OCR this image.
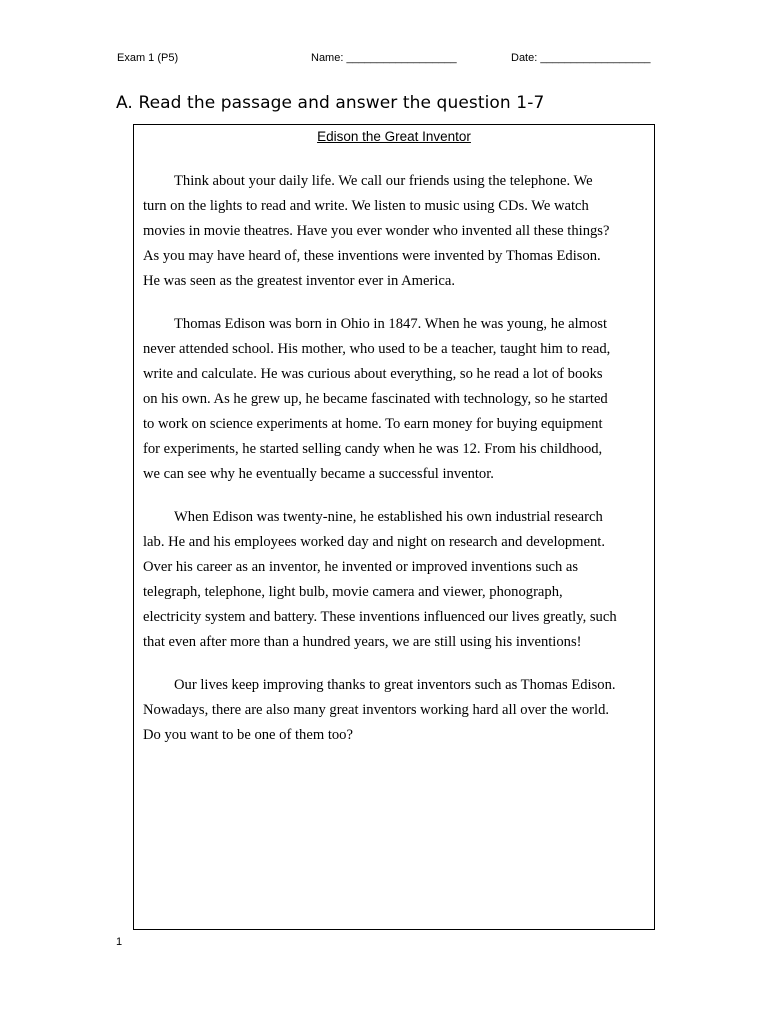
Exam 1 (P5)	Name: __________________	Date: __________________
A. Read the passage and answer the question 1-7
Edison the Great Inventor
Think about your daily life. We call our friends using the telephone. We
turn on the lights to read and write. We listen to music using CDs. We watch
movies in movie theatres. Have you ever wonder who invented all these things?
As you may have heard of, these inventions were invented by Thomas Edison.
He was seen as the greatest inventor ever in America.
Thomas Edison was born in Ohio in 1847. When he was young, he almost
never attended school. His mother, who used to be a teacher, taught him to read,
write and calculate. He was curious about everything, so he read a lot of books
on his own. As he grew up, he became fascinated with technology, so he started
to work on science experiments at home. To earn money for buying equipment
for experiments, he started selling candy when he was 12. From his childhood,
we can see why he eventually became a successful inventor.
When Edison was twenty-nine, he established his own industrial research
lab. He and his employees worked day and night on research and development.
Over his career as an inventor, he invented or improved inventions such as
telegraph, telephone, light bulb, movie camera and viewer, phonograph,
electricity system and battery. These inventions influenced our lives greatly, such
that even after more than a hundred years, we are still using his inventions!
Our lives keep improving thanks to great inventors such as Thomas Edison.
Nowadays, there are also many great inventors working hard all over the world.
Do you want to be one of them too?
1
